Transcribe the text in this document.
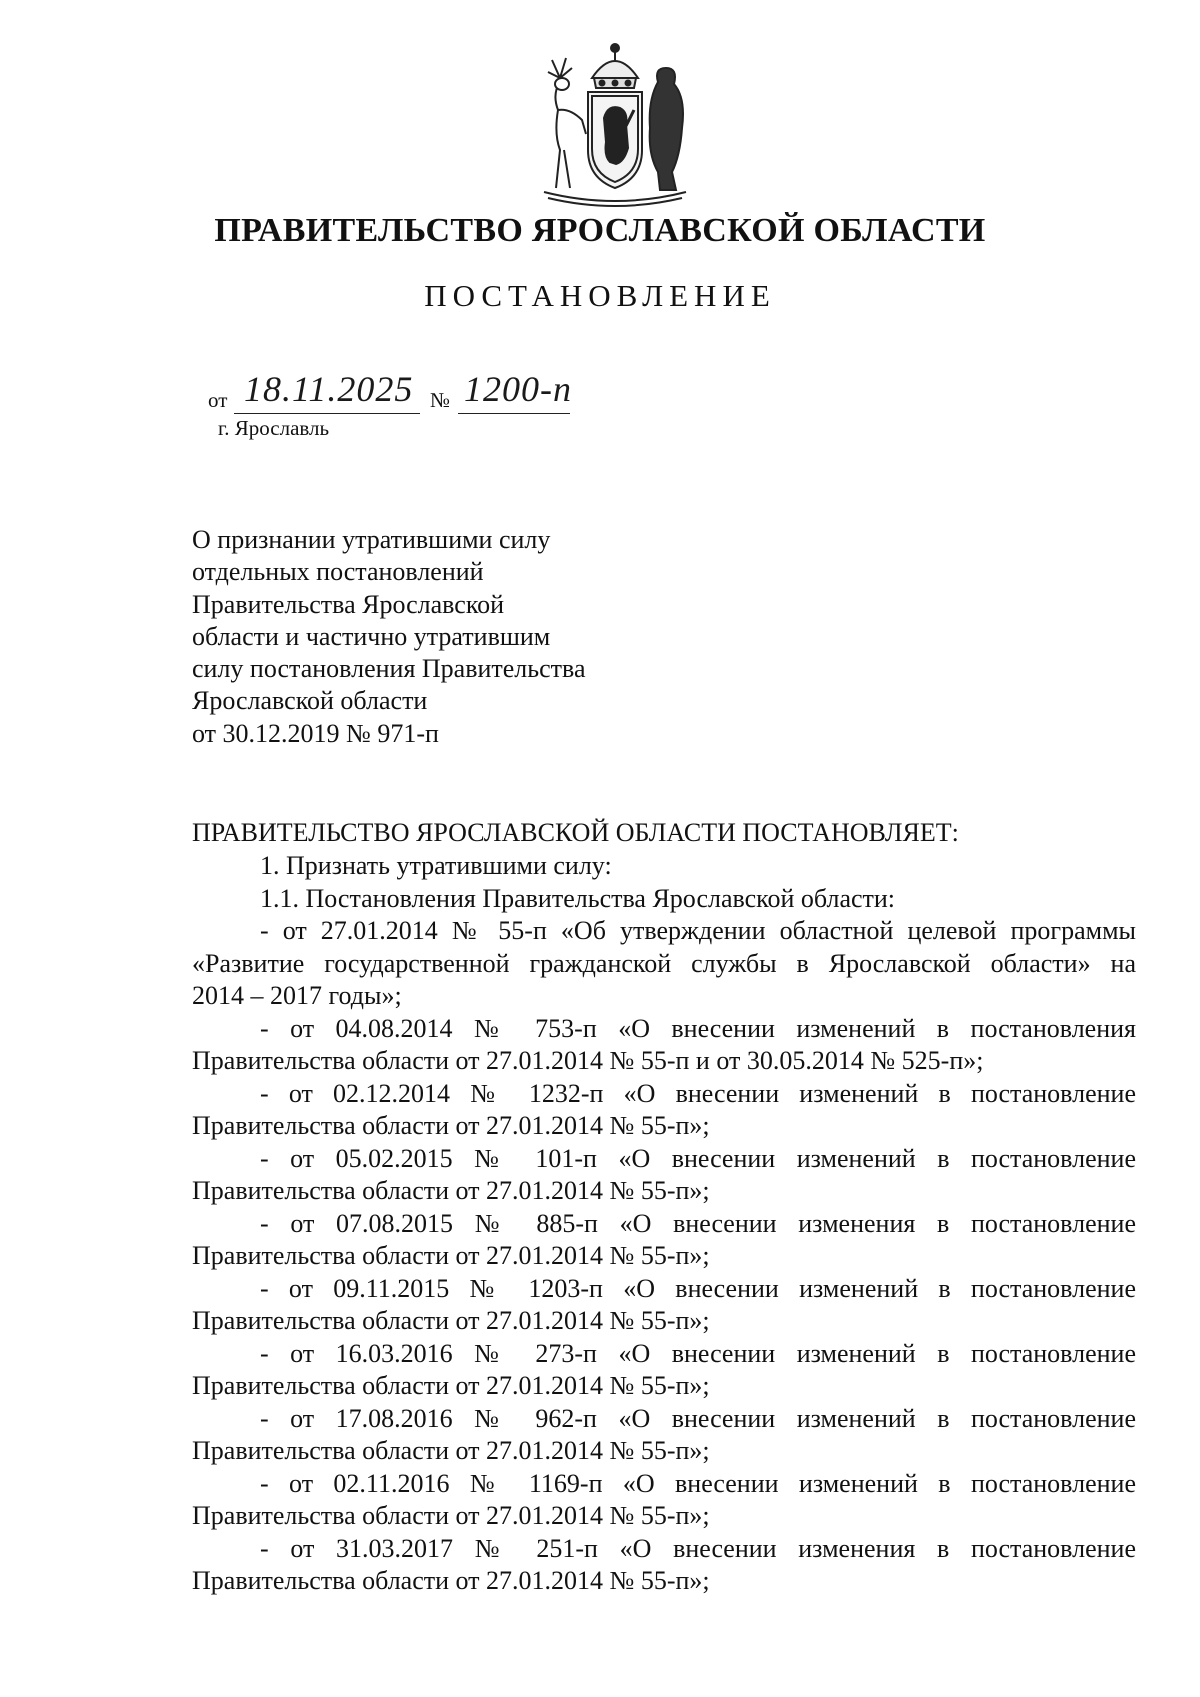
ПРАВИТЕЛЬСТВО ЯРОСЛАВСКОЙ ОБЛАСТИ
ПОСТАНОВЛЕНИЕ
от 18.11.2025 № 1200-п
г. Ярославль
О признании утратившими силу
отдельных постановлений
Правительства Ярославской
области и частично утратившим
силу постановления Правительства
Ярославской области
от 30.12.2019 № 971-п
ПРАВИТЕЛЬСТВО ЯРОСЛАВСКОЙ ОБЛАСТИ ПОСТАНОВЛЯЕТ:
1. Признать утратившими силу:
1.1. Постановления Правительства Ярославской области:
- от 27.01.2014 № 55-п «Об утверждении областной целевой программы
«Развитие государственной гражданской службы в Ярославской области» на
2014 – 2017 годы»;
- от 04.08.2014 № 753-п «О внесении изменений в постановления
Правительства области от 27.01.2014 № 55-п и от 30.05.2014 № 525-п»;
- от 02.12.2014 № 1232-п «О внесении изменений в постановление
Правительства области от 27.01.2014 № 55-п»;
- от 05.02.2015 № 101-п «О внесении изменений в постановление
Правительства области от 27.01.2014 № 55-п»;
- от 07.08.2015 № 885-п «О внесении изменения в постановление
Правительства области от 27.01.2014 № 55-п»;
- от 09.11.2015 № 1203-п «О внесении изменений в постановление
Правительства области от 27.01.2014 № 55-п»;
- от 16.03.2016 № 273-п «О внесении изменений в постановление
Правительства области от 27.01.2014 № 55-п»;
- от 17.08.2016 № 962-п «О внесении изменений в постановление
Правительства области от 27.01.2014 № 55-п»;
- от 02.11.2016 № 1169-п «О внесении изменений в постановление
Правительства области от 27.01.2014 № 55-п»;
- от 31.03.2017 № 251-п «О внесении изменения в постановление
Правительства области от 27.01.2014 № 55-п»;
